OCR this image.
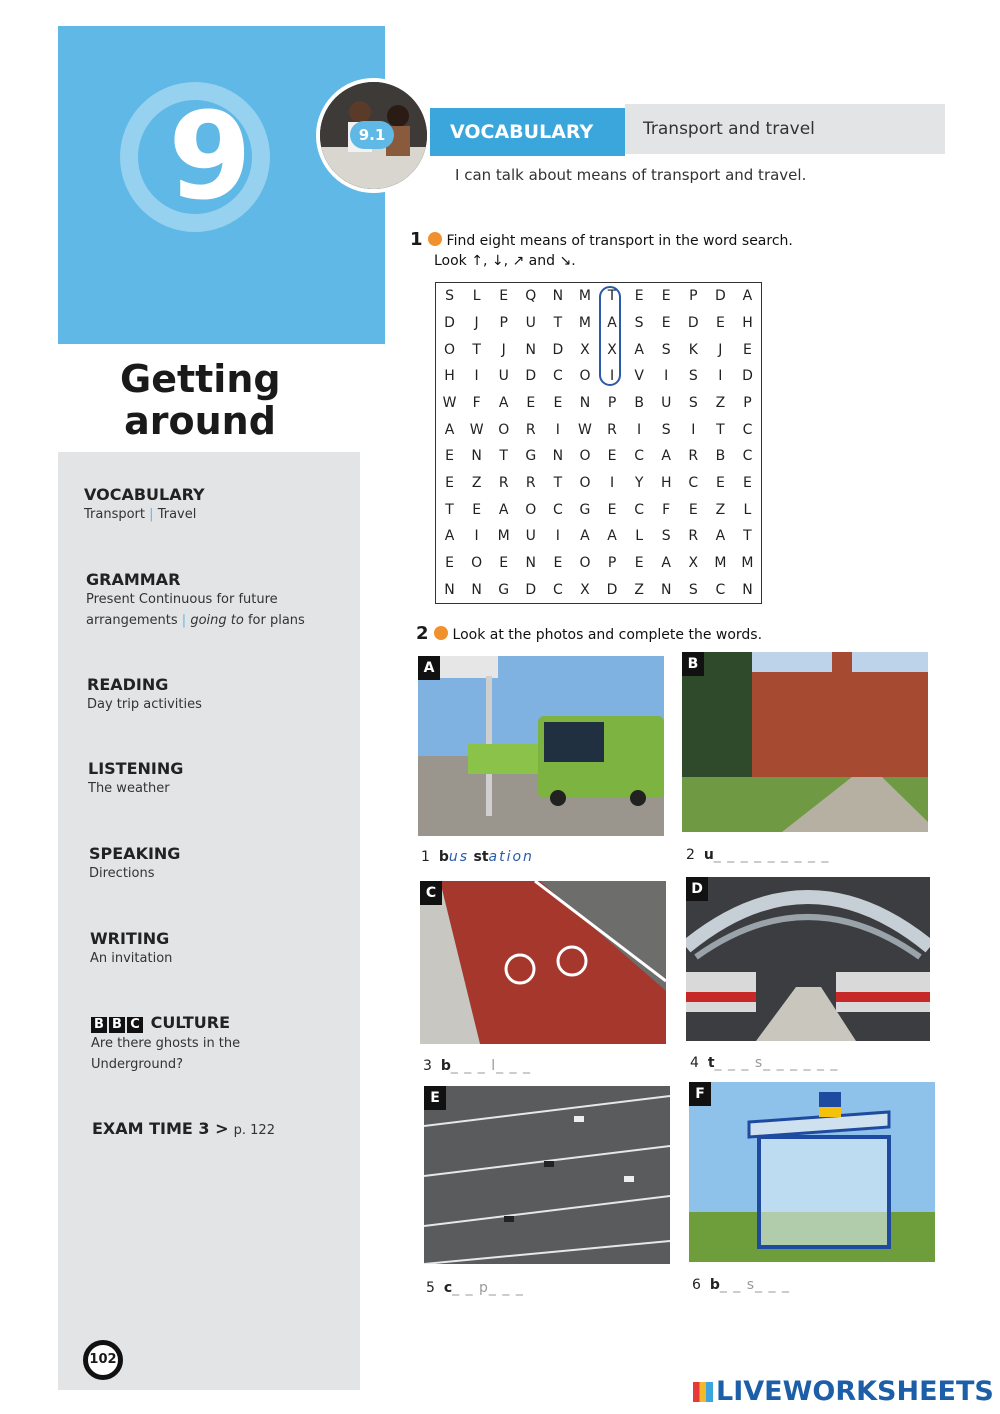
9
Getting
around
VOCABULARY
Transport | Travel
GRAMMAR
Present Continuous for future
arrangements | going to for plans
READING
Day trip activities
LISTENING
The weather
SPEAKING
Directions
WRITING
An invitation
B B C CULTURE
Are there ghosts in the
Underground?
EXAM TIME 3 > p. 122
102
9.1	VOCABULARY	Transport and travel
I can talk about means of transport and travel.
1 Find eight means of transport in the word search.
Look ↑, ↓, ↗ and ↘.
S	L	E	Q	N	M	T	E	E	P	D	A
D	J	P	U	T	M	A	S	E	D	E	H
O	T	J	N	D	X	X	A	S	K	J	E
H	I	U	D	C	O	I	V	I	S	I	D
W	F	A	E	E	N	P	B	U	S	Z	P
A	W	O	R	I	W	R	I	S	I	T	C
E	N	T	G	N	O	E	C	A	R	B	C
E	Z	R	R	T	O	I	Y	H	C	E	E
T	E	A	O	C	G	E	C	F	E	Z	L
A	I	M	U	I	A	A	L	S	R	A	T
E	O	E	N	E	O	P	E	A	X	M	M
N	N	G	D	C	X	D	Z	N	S	C	N
2 Look at the photos and complete the words.
A
1 bus station
B
2 u_ _ _ _ _ _ _ _ _
C
3 b_ _ _ l_ _ _
D
4 t_ _ _ s_ _ _ _ _ _
E
5 c_ _ p_ _ _
F
6 b_ _ s_ _ _
LIVEWORKSHEETS
